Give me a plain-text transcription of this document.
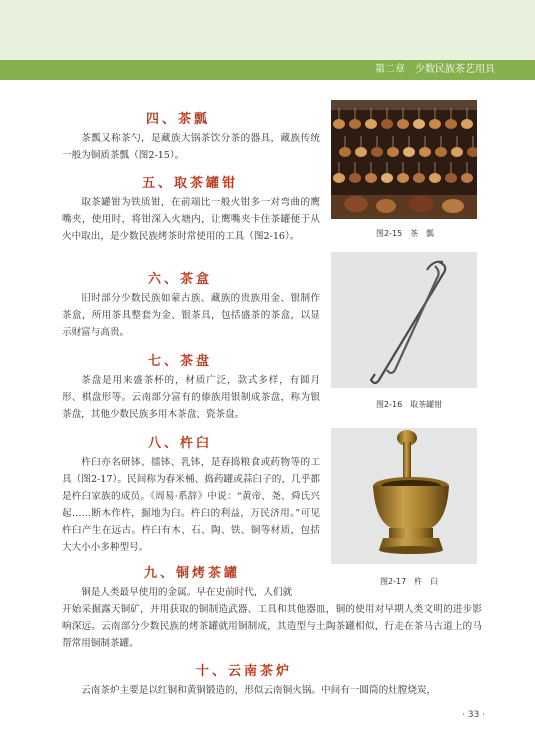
第二章　少数民族茶艺用具
四、茶瓢

茶瓢又称茶勺，是藏族大锅茶饮分茶的器具，藏族传统一般为铜质茶瓢（图2-15）。

五、取茶罐钳

取茶罐钳为铁质钳，在前端比一般火钳多一对弯曲的鹰嘴夹，使用时，将钳深入火塘内，让鹰嘴夹卡住茶罐便于从火中取出，是少数民族烤茶时常使用的工具（图2-16）。

六、茶盒

旧时部分少数民族如蒙古族、藏族的贵族用金、银制作茶盒，所用茶具整套为金、银茶具，包括盛茶的茶盒，以显示财富与高贵。

七、茶盘

茶盘是用来盛茶杯的，材质广泛，款式多样，有圆月形、棋盘形等。云南部分富有的傣族用银制成茶盘，称为银茶盘，其他少数民族多用木茶盘、瓷茶盘。

八、杵臼

杵臼亦名研钵、擂钵、乳钵，是春捣粮食或药物等的工具（图2-17）。民间称为舂米桶、捣药罐或蒜臼子的，几乎都是杵臼家族的成员。《周易·系辞》中说：“黄帝、尧、舜氏兴起……断木作杵，掘地为臼。杵臼的利益，万民济用。”可见杵臼产生在远古。杵臼有木、石、陶、铁、铜等材质，包括大大小小多种型号。

九、铜烤茶罐

铜是人类最早使用的金属。早在史前时代，人们就

开始采掘露天铜矿，并用获取的铜制造武器、工具和其他器皿，铜的使用对早期人类文明的进步影响深远。云南部分少数民族的烤茶罐就用铜制成，其造型与土陶茶罐相似，行走在茶马古道上的马帮常用铜制茶罐。

十、云南茶炉

云南茶炉主要是以红铜和黄铜锻造的，形似云南铜火锅。中间有一圆筒的灶膛烧炭，

图2-15　茶　瓢
图2-16　取茶罐钳
图2-17　杵　臼
· 33 ·
